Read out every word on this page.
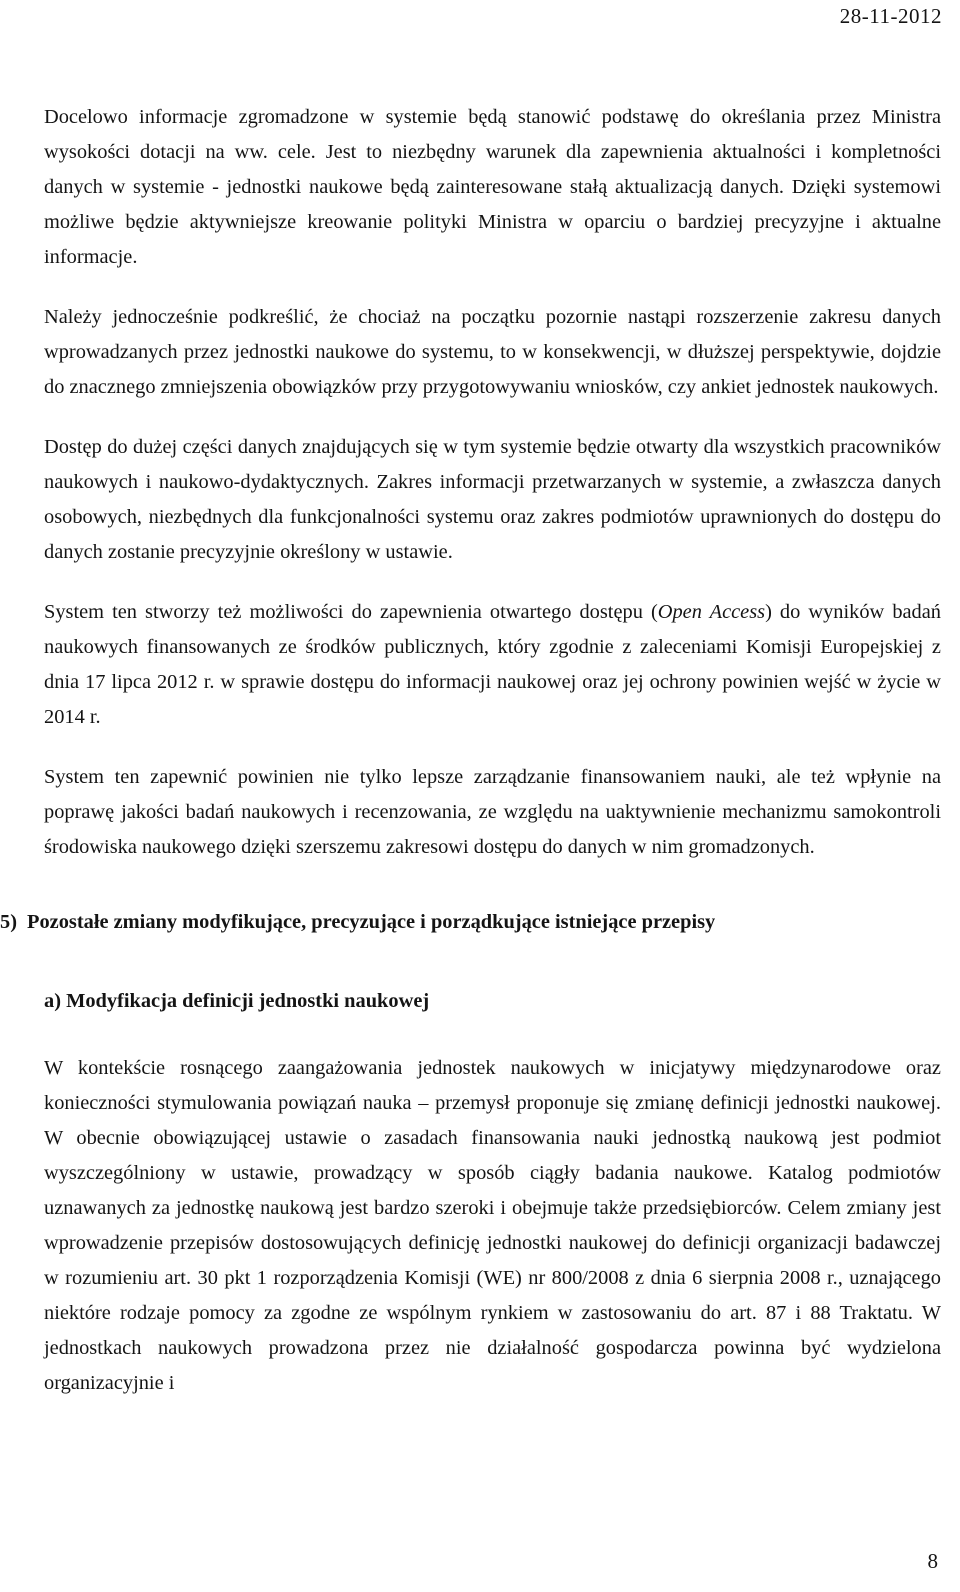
28-11-2012

Docelowo informacje zgromadzone w systemie będą stanowić podstawę do określania przez Ministra wysokości dotacji na ww. cele. Jest to niezbędny warunek dla zapewnienia aktualności i kompletności danych w systemie - jednostki naukowe będą zainteresowane stałą aktualizacją danych. Dzięki systemowi możliwe będzie aktywniejsze kreowanie polityki Ministra w oparciu o bardziej precyzyjne i aktualne informacje.

Należy jednocześnie podkreślić, że chociaż na początku pozornie nastąpi rozszerzenie zakresu danych wprowadzanych przez jednostki naukowe do systemu, to w konsekwencji, w dłuższej perspektywie, dojdzie do znacznego zmniejszenia obowiązków przy przygotowywaniu wniosków, czy ankiet jednostek naukowych.

Dostęp do dużej części danych znajdujących się w tym systemie będzie otwarty dla wszystkich pracowników naukowych i naukowo-dydaktycznych. Zakres informacji przetwarzanych w systemie, a zwłaszcza danych osobowych, niezbędnych dla funkcjonalności systemu oraz zakres podmiotów uprawnionych do dostępu do danych zostanie precyzyjnie określony w ustawie.

System ten stworzy też możliwości do zapewnienia otwartego dostępu (Open Access) do wyników badań naukowych finansowanych ze środków publicznych, który zgodnie z zaleceniami Komisji Europejskiej z dnia 17 lipca 2012 r. w sprawie dostępu do informacji naukowej oraz jej ochrony powinien wejść w życie w 2014 r.

System ten zapewnić powinien nie tylko lepsze zarządzanie finansowaniem nauki, ale też wpłynie na poprawę jakości badań naukowych i recenzowania, ze względu na uaktywnienie mechanizmu samokontroli środowiska naukowego dzięki szerszemu zakresowi dostępu do danych w nim gromadzonych.

5) Pozostałe zmiany modyfikujące, precyzujące i porządkujące istniejące przepisy
a) Modyfikacja definicji jednostki naukowej

W kontekście rosnącego zaangażowania jednostek naukowych w inicjatywy międzynarodowe oraz konieczności stymulowania powiązań nauka – przemysł proponuje się zmianę definicji jednostki naukowej. W obecnie obowiązującej ustawie o zasadach finansowania nauki jednostką naukową jest podmiot wyszczególniony w ustawie, prowadzący w sposób ciągły badania naukowe. Katalog podmiotów uznawanych za jednostkę naukową jest bardzo szeroki i obejmuje także przedsiębiorców. Celem zmiany jest wprowadzenie przepisów dostosowujących definicję jednostki naukowej do definicji organizacji badawczej w rozumieniu art. 30 pkt 1 rozporządzenia Komisji (WE) nr 800/2008 z dnia 6 sierpnia 2008 r., uznającego niektóre rodzaje pomocy za zgodne ze wspólnym rynkiem w zastosowaniu do art. 87 i 88 Traktatu. W jednostkach naukowych prowadzona przez nie działalność gospodarcza powinna być wydzielona organizacyjnie i

8
